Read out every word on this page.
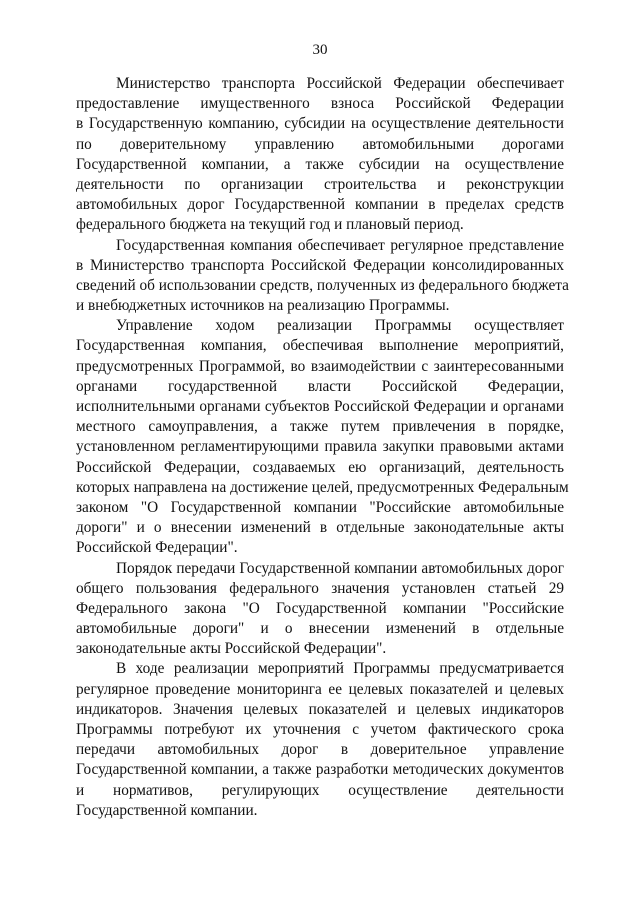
30
Министерство транспорта Российской Федерации обеспечивает
предоставление имущественного взноса Российской Федерации
в Государственную компанию, субсидии на осуществление деятельности
по доверительному управлению автомобильными дорогами
Государственной компании, а также субсидии на осуществление
деятельности по организации строительства и реконструкции
автомобильных дорог Государственной компании в пределах средств
федерального бюджета на текущий год и плановый период.
Государственная компания обеспечивает регулярное представление
в Министерство транспорта Российской Федерации консолидированных
сведений об использовании средств, полученных из федерального бюджета
и внебюджетных источников на реализацию Программы.
Управление ходом реализации Программы осуществляет
Государственная компания, обеспечивая выполнение мероприятий,
предусмотренных Программой, во взаимодействии с заинтересованными
органами государственной власти Российской Федерации,
исполнительными органами субъектов Российской Федерации и органами
местного самоуправления, а также путем привлечения в порядке,
установленном регламентирующими правила закупки правовыми актами
Российской Федерации, создаваемых ею организаций, деятельность
которых направлена на достижение целей, предусмотренных Федеральным
законом "О Государственной компании "Российские автомобильные
дороги" и о внесении изменений в отдельные законодательные акты
Российской Федерации".
Порядок передачи Государственной компании автомобильных дорог
общего пользования федерального значения установлен статьей 29
Федерального закона "О Государственной компании "Российские
автомобильные дороги" и о внесении изменений в отдельные
законодательные акты Российской Федерации".
В ходе реализации мероприятий Программы предусматривается
регулярное проведение мониторинга ее целевых показателей и целевых
индикаторов. Значения целевых показателей и целевых индикаторов
Программы потребуют их уточнения с учетом фактического срока
передачи автомобильных дорог в доверительное управление
Государственной компании, а также разработки методических документов
и нормативов, регулирующих осуществление деятельности
Государственной компании.
